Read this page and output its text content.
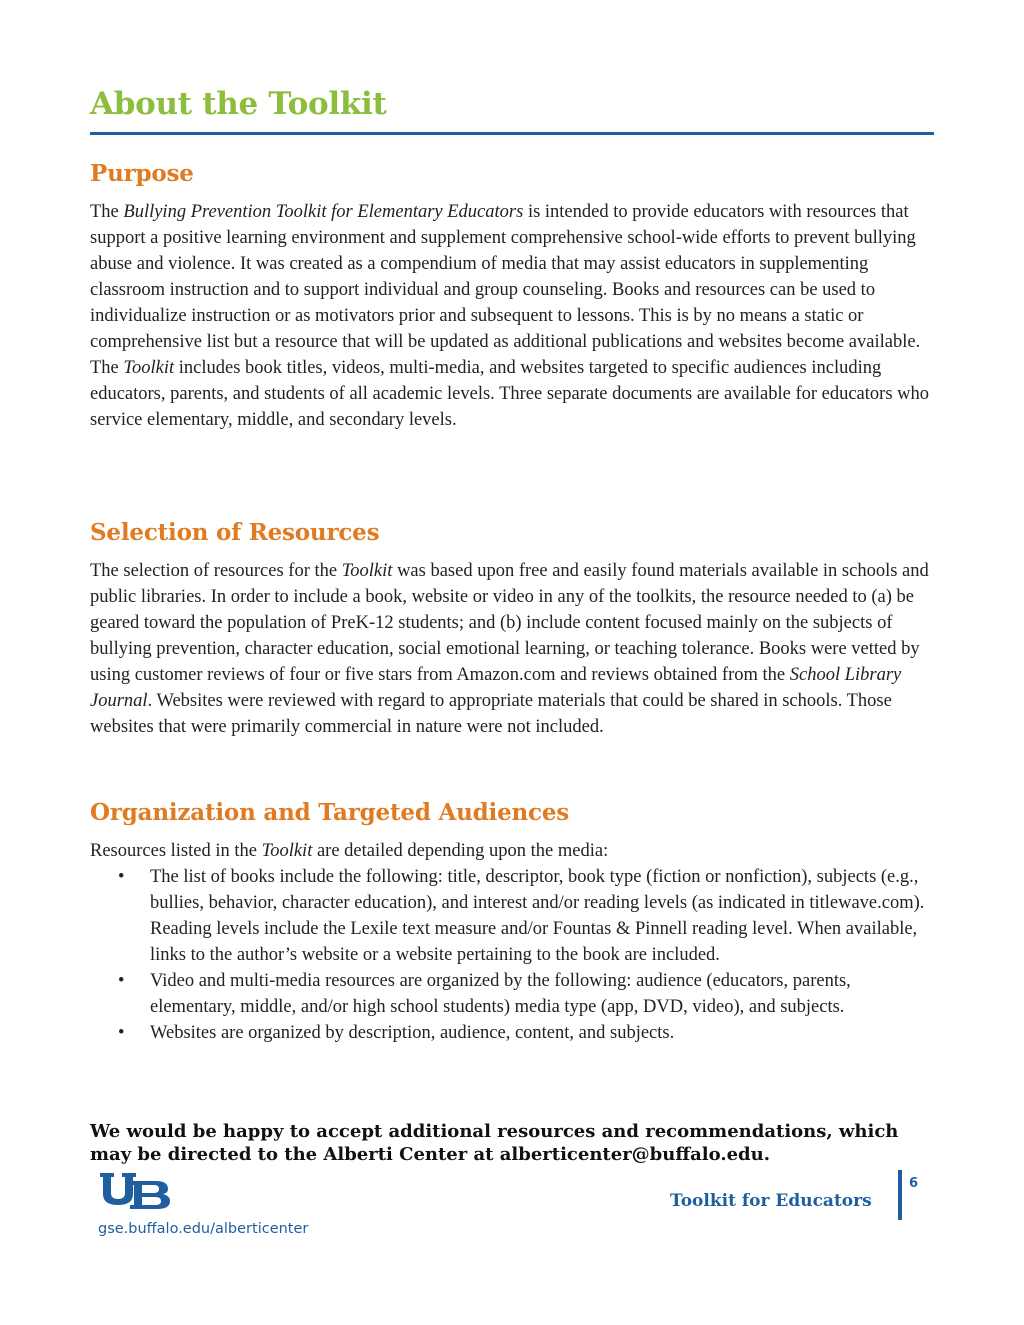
About the Toolkit
Purpose

The Bullying Prevention Toolkit for Elementary Educators is intended to provide educators with resources that support a positive learning environment and supplement comprehensive school-wide efforts to prevent bullying abuse and violence. It was created as a compendium of media that may assist educators in supplementing classroom instruction and to support individual and group counseling. Books and resources can be used to individualize instruction or as motivators prior and subsequent to lessons. This is by no means a static or comprehensive list but a resource that will be updated as additional publications and websites become available. The Toolkit includes book titles, videos, multi-media, and websites targeted to specific audiences including educators, parents, and students of all academic levels. Three separate documents are available for educators who service elementary, middle, and secondary levels.

Selection of Resources

The selection of resources for the Toolkit was based upon free and easily found materials available in schools and public libraries. In order to include a book, website or video in any of the toolkits, the resource needed to (a) be geared toward the population of PreK-12 students; and (b) include content focused mainly on the subjects of bullying prevention, character education, social emotional learning, or teaching tolerance. Books were vetted by using customer reviews of four or five stars from Amazon.com and reviews obtained from the School Library Journal. Websites were reviewed with regard to appropriate materials that could be shared in schools. Those websites that were primarily commercial in nature were not included.

Organization and Targeted Audiences

Resources listed in the Toolkit are detailed depending upon the media:

• The list of books include the following: title, descriptor, book type (fiction or nonfiction), subjects (e.g., bullies, behavior, character education), and interest and/or reading levels (as indicated in titlewave.com). Reading levels include the Lexile text measure and/or Fountas & Pinnell reading level. When available, links to the author’s website or a website pertaining to the book are included.
• Video and multi-media resources are organized by the following: audience (educators, parents, elementary, middle, and/or high school students) media type (app, DVD, video), and subjects.
• Websites are organized by description, audience, content, and subjects.

We would be happy to accept additional resources and recommendations, which may be directed to the Alberti Center at alberticenter@buffalo.edu.

gse.buffalo.edu/alberticenter
Toolkit for Educators
6
